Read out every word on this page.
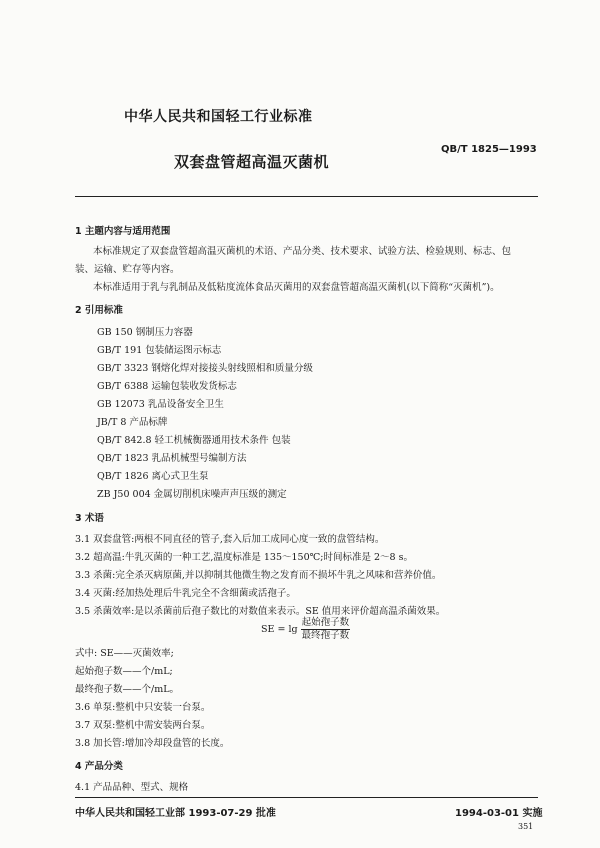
中华人民共和国轻工行业标准
QB/T 1825—1993
双套盘管超高温灭菌机
1 主题内容与适用范围
本标准规定了双套盘管超高温灭菌机的术语、产品分类、技术要求、试验方法、检验规则、标志、包
装、运输、贮存等内容。
本标准适用于乳与乳制品及低粘度流体食品灭菌用的双套盘管超高温灭菌机(以下简称“灭菌机”)。
2 引用标准
GB 150 钢制压力容器
GB/T 191 包装储运图示标志
GB/T 3323 钢熔化焊对接接头射线照相和质量分级
GB/T 6388 运输包装收发货标志
GB 12073 乳品设备安全卫生
JB/T 8 产品标牌
QB/T 842.8 轻工机械衡器通用技术条件 包装
QB/T 1823 乳品机械型号编制方法
QB/T 1826 离心式卫生泵
ZB J50 004 金属切削机床噪声声压级的测定
3 术语
3.1 双套盘管:两根不同直径的管子,套入后加工成同心度一致的盘管结构。
3.2 超高温:牛乳灭菌的一种工艺,温度标准是 135～150℃;时间标准是 2～8 s。
3.3 杀菌:完全杀灭病原菌,并以抑制其他微生物之发育而不损坏牛乳之风味和营养价值。
3.4 灭菌:经加热处理后牛乳完全不含细菌或活孢子。
3.5 杀菌效率:是以杀菌前后孢子数比的对数值来表示。SE 值用来评价超高温杀菌效果。
SE = $\lg \frac{\text{起始孢子数}}{\text{最终孢子数}}$
式中: SE——灭菌效率;
起始孢子数——个/mL;
最终孢子数——个/mL。
3.6 单泵:整机中只安装一台泵。
3.7 双泵:整机中需安装两台泵。
3.8 加长管:增加冷却段盘管的长度。
4 产品分类
4.1 产品品种、型式、规格
中华人民共和国轻工业部 1993-07-29 批准	1994-03-01 实施
351
